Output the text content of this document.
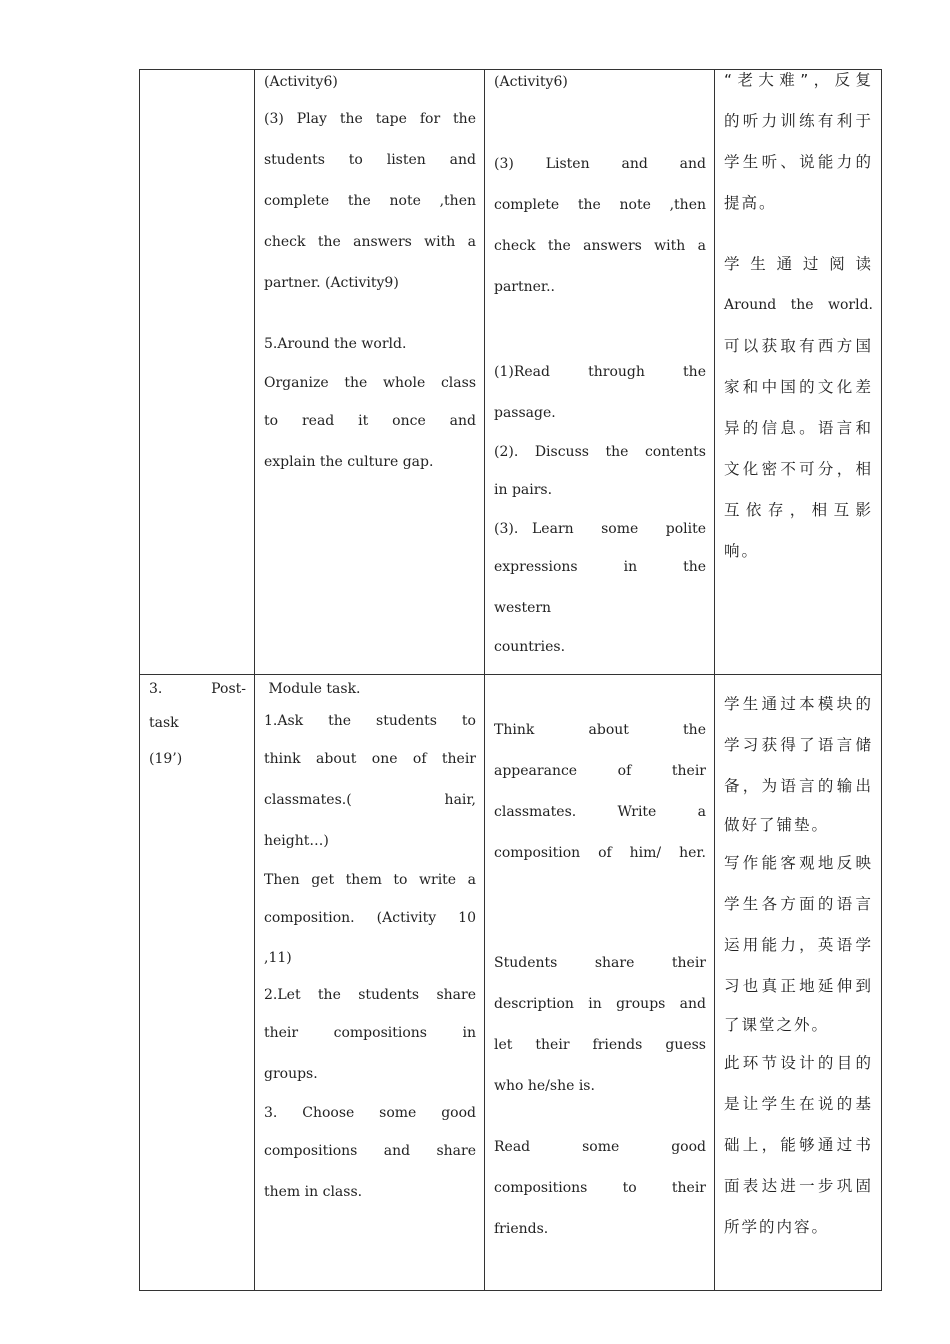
(Activity6)

(3) Play the tape for the

students  to  listen  and

complete  the  note  ,then

check the answers with a

partner. (Activity9)

5.Around the world.

Organize the whole class

to  read  it  once  and

explain the culture gap.

(Activity6)

(3)   Listen   and   and

complete  the  note  ,then

check the answers with a

partner..

(1)Read    through    the

passage.

(2). Discuss the contents

in pairs.

(3). Learn  some  polite

expressions    in    the

western

countries.

“老大难”，反复

的听力训练有利于

学生听、说能力的

提高。

学生通过阅读

Around the world.

可以获取有西方国

家和中国的文化差

异的信息。语言和

文化密不可分，相

互依存，相互影

响。

3.      Post-

task

(19’)

Module task.

1.Ask  the  students  to

think about one of their

classmates.(       hair,

height…)

Then get them to write a

composition. (Activity 10

,11)

2.Let the students share

their   compositions   in

groups.

3.  Choose  some  good

compositions  and  share

them in class.

Think     about     the

appearance   of   their

classmates.   Write   a

composition of him/ her.

Students   share   their

description in groups and

let their friends guess

who he/she is.

Read      some      good

compositions   to   their

friends.

学生通过本模块的

学习获得了语言储

备，为语言的输出

做好了铺垫。

写作能客观地反映

学生各方面的语言

运用能力，英语学

习也真正地延伸到

了课堂之外。

此环节设计的目的

是让学生在说的基

础上，能够通过书

面表达进一步巩固

所学的内容。
